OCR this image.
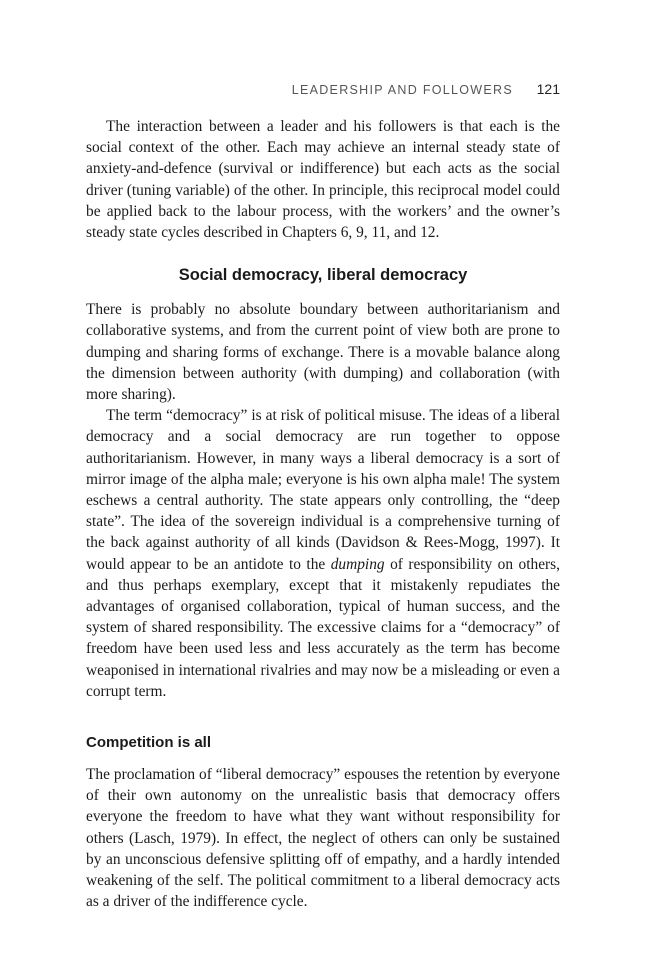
LEADERSHIP AND FOLLOWERS 121

The interaction between a leader and his followers is that each is the social context of the other. Each may achieve an internal steady state of anxiety-and-defence (survival or indifference) but each acts as the social driver (tuning variable) of the other. In principle, this reciprocal model could be applied back to the labour process, with the workers’ and the owner’s steady state cycles described in Chapters 6, 9, 11, and 12.

Social democracy, liberal democracy

There is probably no absolute boundary between authoritarianism and collaborative systems, and from the current point of view both are prone to dumping and sharing forms of exchange. There is a movable balance along the dimension between authority (with dumping) and collaboration (with more sharing).

The term “democracy” is at risk of political misuse. The ideas of a liberal democracy and a social democracy are run together to oppose authoritarianism. However, in many ways a liberal democracy is a sort of mirror image of the alpha male; everyone is his own alpha male! The system eschews a central authority. The state appears only controlling, the “deep state”. The idea of the sovereign individual is a comprehensive turning of the back against authority of all kinds (Davidson & Rees-Mogg, 1997). It would appear to be an antidote to the dumping of responsibility on others, and thus perhaps exemplary, except that it mistakenly repudiates the advantages of organised collaboration, typical of human success, and the system of shared responsibility. The excessive claims for a “democracy” of freedom have been used less and less accurately as the term has become weaponised in international rivalries and may now be a misleading or even a corrupt term.

Competition is all

The proclamation of “liberal democracy” espouses the retention by everyone of their own autonomy on the unrealistic basis that democracy offers everyone the freedom to have what they want without responsibility for others (Lasch, 1979). In effect, the neglect of others can only be sustained by an unconscious defensive splitting off of empathy, and a hardly intended weakening of the self. The political commitment to a liberal democracy acts as a driver of the indifference cycle.
